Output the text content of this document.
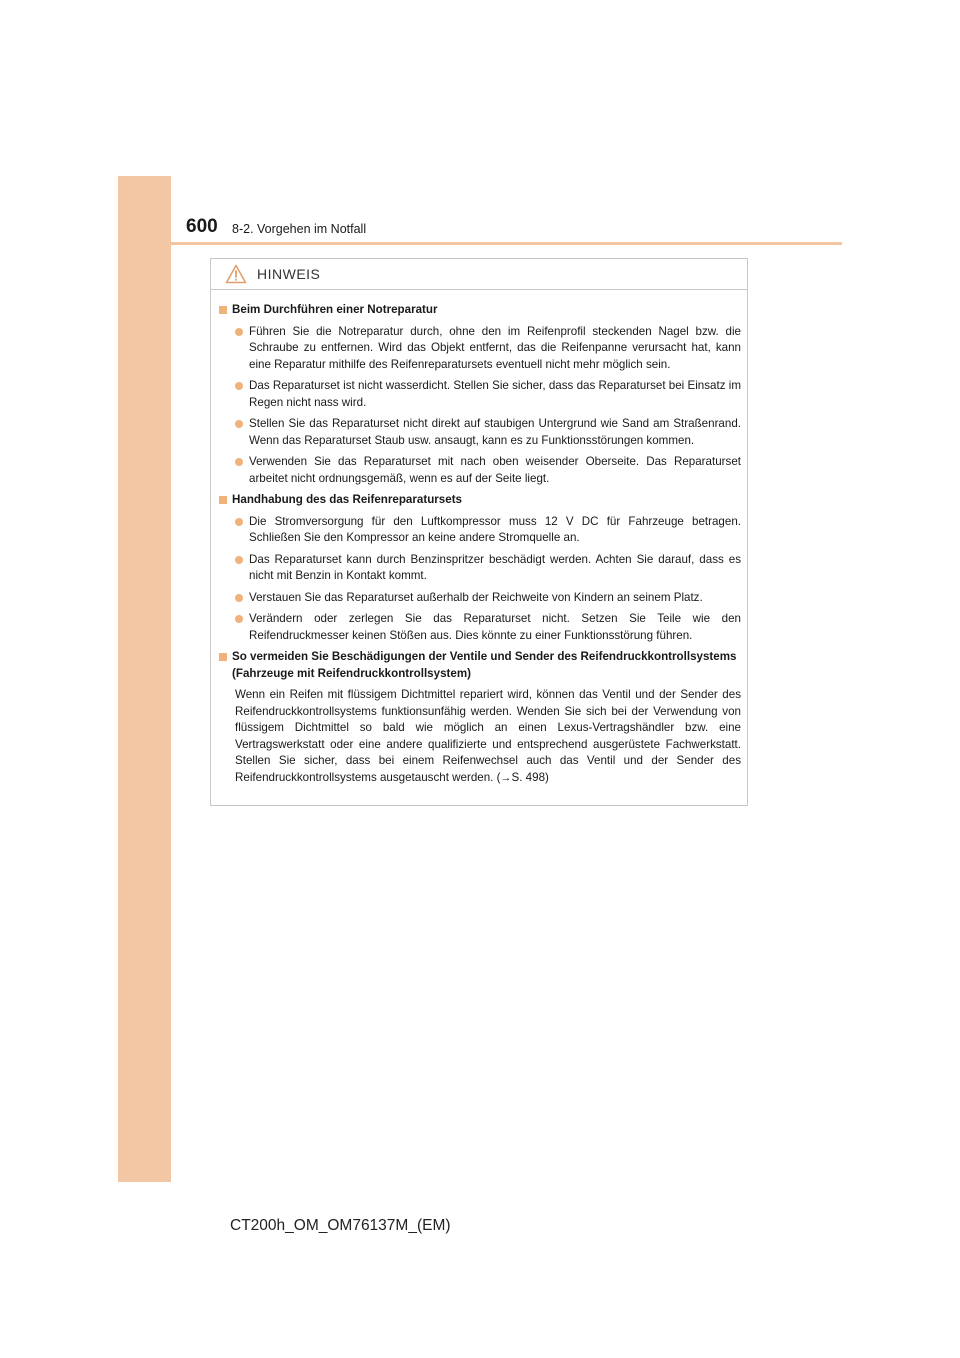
600 8-2. Vorgehen im Notfall
HINWEIS
Beim Durchführen einer Notreparatur
Führen Sie die Notreparatur durch, ohne den im Reifenprofil steckenden Nagel bzw. die Schraube zu entfernen. Wird das Objekt entfernt, das die Reifenpanne verursacht hat, kann eine Reparatur mithilfe des Reifenreparatursets eventuell nicht mehr möglich sein.
Das Reparaturset ist nicht wasserdicht. Stellen Sie sicher, dass das Reparaturset bei Einsatz im Regen nicht nass wird.
Stellen Sie das Reparaturset nicht direkt auf staubigen Untergrund wie Sand am Straßenrand. Wenn das Reparaturset Staub usw. ansaugt, kann es zu Funktionsstörungen kommen.
Verwenden Sie das Reparaturset mit nach oben weisender Oberseite. Das Reparaturset arbeitet nicht ordnungsgemäß, wenn es auf der Seite liegt.
Handhabung des das Reifenreparatursets
Die Stromversorgung für den Luftkompressor muss 12 V DC für Fahrzeuge betragen. Schließen Sie den Kompressor an keine andere Stromquelle an.
Das Reparaturset kann durch Benzinspritzer beschädigt werden. Achten Sie darauf, dass es nicht mit Benzin in Kontakt kommt.
Verstauen Sie das Reparaturset außerhalb der Reichweite von Kindern an seinem Platz.
Verändern oder zerlegen Sie das Reparaturset nicht. Setzen Sie Teile wie den Reifendruckmesser keinen Stößen aus. Dies könnte zu einer Funktionsstörung führen.
So vermeiden Sie Beschädigungen der Ventile und Sender des Reifendruckkontrollsystems (Fahrzeuge mit Reifendruckkontrollsystem)
Wenn ein Reifen mit flüssigem Dichtmittel repariert wird, können das Ventil und der Sender des Reifendruckkontrollsystems funktionsunfähig werden. Wenden Sie sich bei der Verwendung von flüssigem Dichtmittel so bald wie möglich an einen Lexus-Vertragshändler bzw. eine Vertragswerkstatt oder eine andere qualifizierte und entsprechend ausgerüstete Fachwerkstatt. Stellen Sie sicher, dass bei einem Reifenwechsel auch das Ventil und der Sender des Reifendruckkontrollsystems ausgetauscht werden. (→S. 498)
CT200h_OM_OM76137M_(EM)
